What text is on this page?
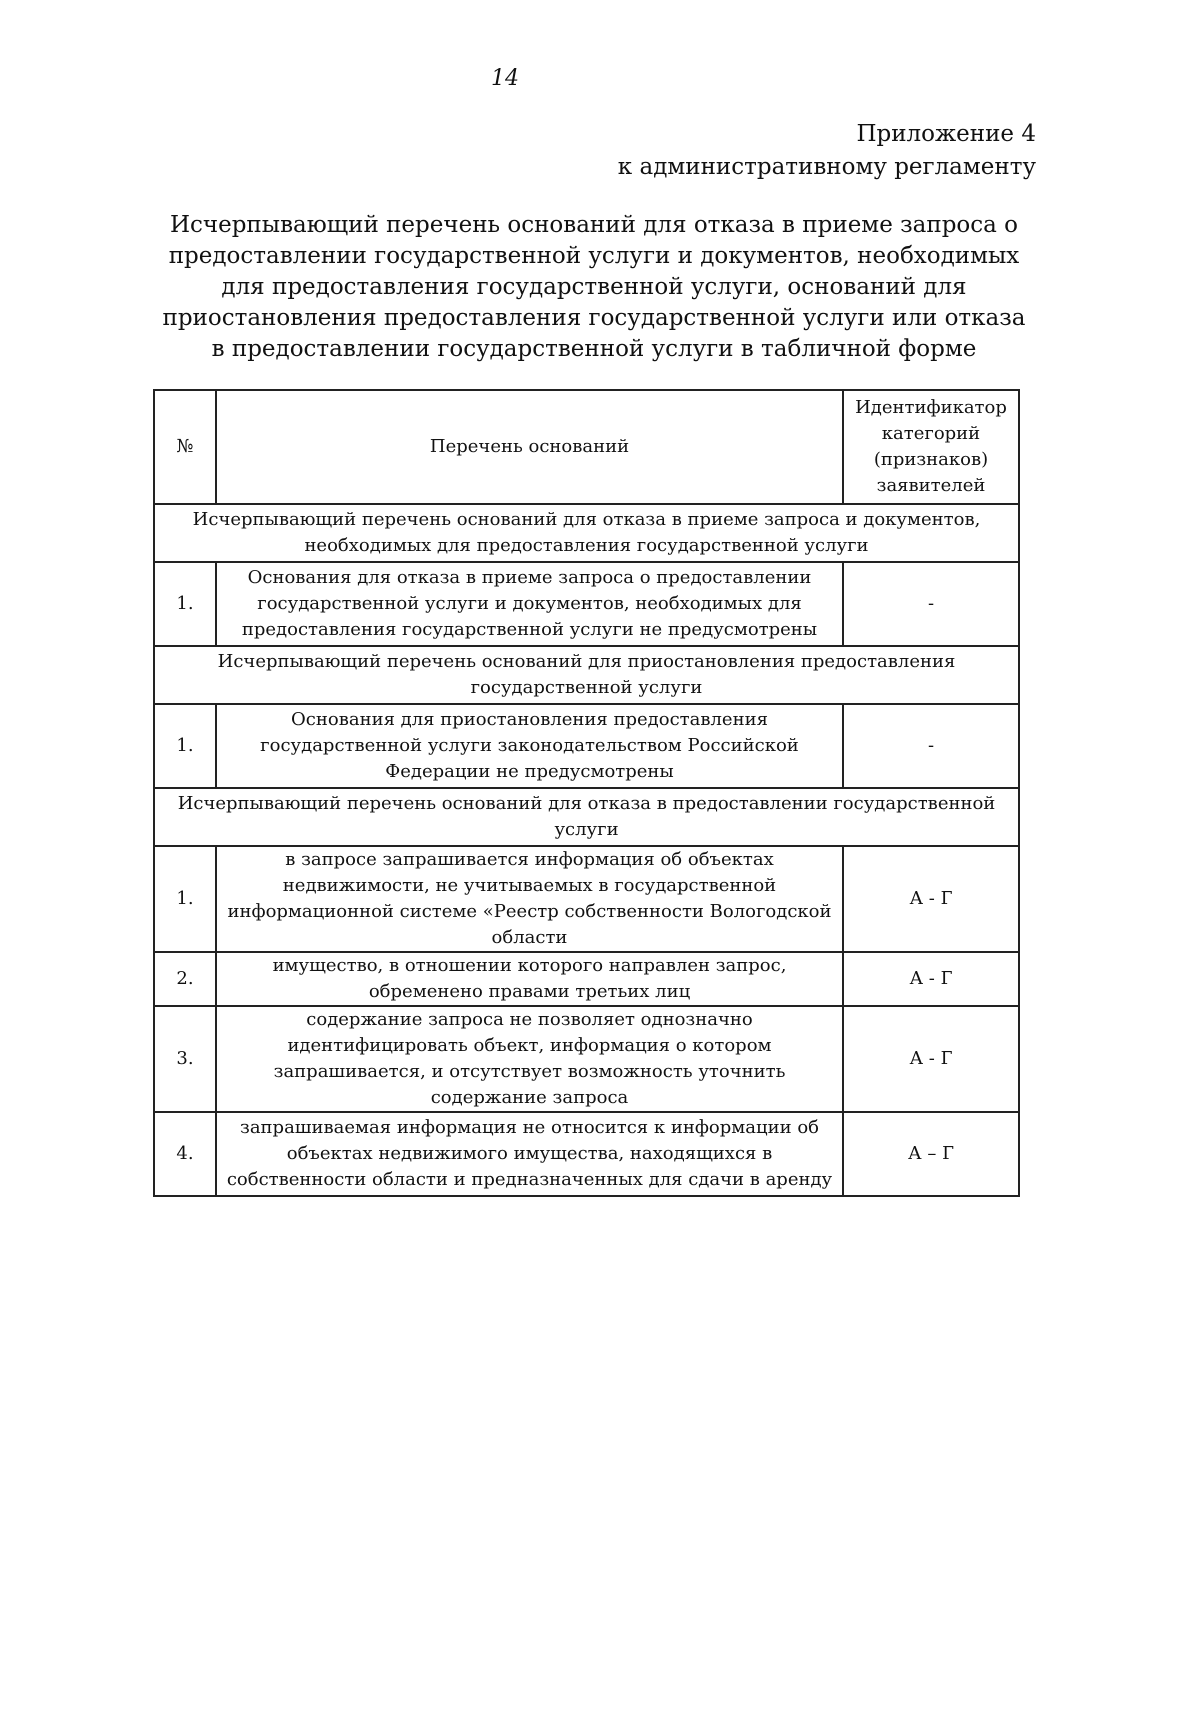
14
Приложение 4
к административному регламенту
Исчерпывающий перечень оснований для отказа в приеме запроса о предоставлении государственной услуги и документов, необходимых для предоставления государственной услуги, оснований для приостановления предоставления государственной услуги или отказа в предоставлении государственной услуги в табличной форме
№	Перечень оснований	Идентификатор категорий (признаков) заявителей
Исчерпывающий перечень оснований для отказа в приеме запроса и документов, необходимых для предоставления государственной услуги		
1.	Основания для отказа в приеме запроса о предоставлении государственной услуги и документов, необходимых для предоставления государственной услуги не предусмотрены	-
Исчерпывающий перечень оснований для приостановления предоставления государственной услуги		
1.	Основания для приостановления предоставления государственной услуги законодательством Российской Федерации не предусмотрены	-
Исчерпывающий перечень оснований для отказа в предоставлении государственной услуги		
1.	в запросе запрашивается информация об объектах недвижимости, не учитываемых в государственной информационной системе «Реестр собственности Вологодской области	А - Г
2.	имущество, в отношении которого направлен запрос, обременено правами третьих лиц	А - Г
3.	содержание запроса не позволяет однозначно идентифицировать объект, информация о котором запрашивается, и отсутствует возможность уточнить содержание запроса	А - Г
4.	запрашиваемая информация не относится к информации об объектах недвижимого имущества, находящихся в собственности области и предназначенных для сдачи в аренду	А – Г
